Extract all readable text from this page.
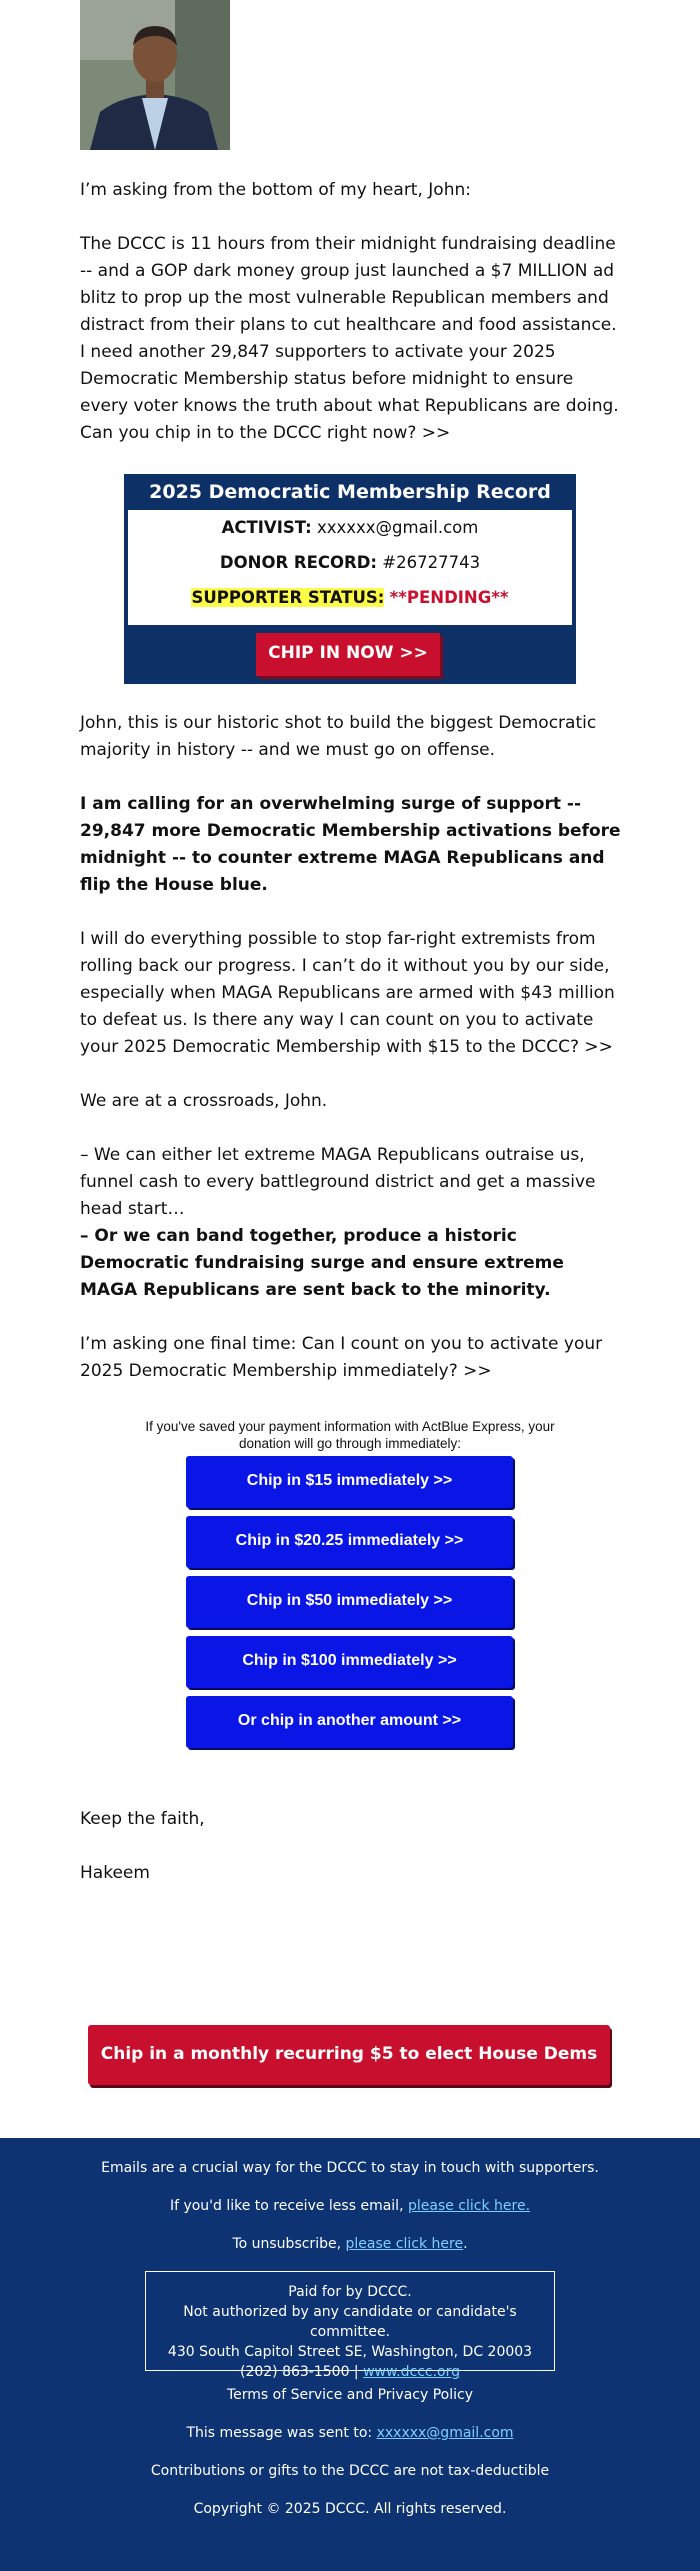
I’m asking from the bottom of my heart, John:

The DCCC is 11 hours from their midnight fundraising deadline -- and a GOP dark money group just launched a $7 MILLION ad blitz to prop up the most vulnerable Republican members and distract from their plans to cut healthcare and food assistance. I need another 29,847 supporters to activate your 2025 Democratic Membership status before midnight to ensure every voter knows the truth about what Republicans are doing. Can you chip in to the DCCC right now? >>

2025 Democratic Membership Record
ACTIVIST: xxxxxx@gmail.com
DONOR RECORD: #26727743
SUPPORTER STATUS: **PENDING**
CHIP IN NOW >>

John, this is our historic shot to build the biggest Democratic majority in history -- and we must go on offense.

I am calling for an overwhelming surge of support -- 29,847 more Democratic Membership activations before midnight -- to counter extreme MAGA Republicans and flip the House blue.

I will do everything possible to stop far-right extremists from rolling back our progress. I can’t do it without you by our side, especially when MAGA Republicans are armed with $43 million to defeat us. Is there any way I can count on you to activate your 2025 Democratic Membership with $15 to the DCCC? >>

We are at a crossroads, John.

– We can either let extreme MAGA Republicans outraise us, funnel cash to every battleground district and get a massive head start…

– Or we can band together, produce a historic Democratic fundraising surge and ensure extreme MAGA Republicans are sent back to the minority.

I’m asking one final time: Can I count on you to activate your 2025 Democratic Membership immediately? >>

If you've saved your payment information with ActBlue Express, your donation will go through immediately:
Chip in $15 immediately >>
Chip in $20.25 immediately >>
Chip in $50 immediately >>
Chip in $100 immediately >>
Or chip in another amount >>

Keep the faith,

Hakeem

Chip in a monthly recurring $5 to elect House Dems >>
Emails are a crucial way for the DCCC to stay in touch with supporters.
If you'd like to receive less email, please click here.
To unsubscribe, please click here.
Paid for by DCCC.
Not authorized by any candidate or candidate's committee.
430 South Capitol Street SE, Washington, DC 20003
(202) 863-1500 | www.dccc.org
Terms of Service and Privacy Policy
This message was sent to: xxxxxx@gmail.com
Contributions or gifts to the DCCC are not tax-deductible
Copyright © 2025 DCCC. All rights reserved.
